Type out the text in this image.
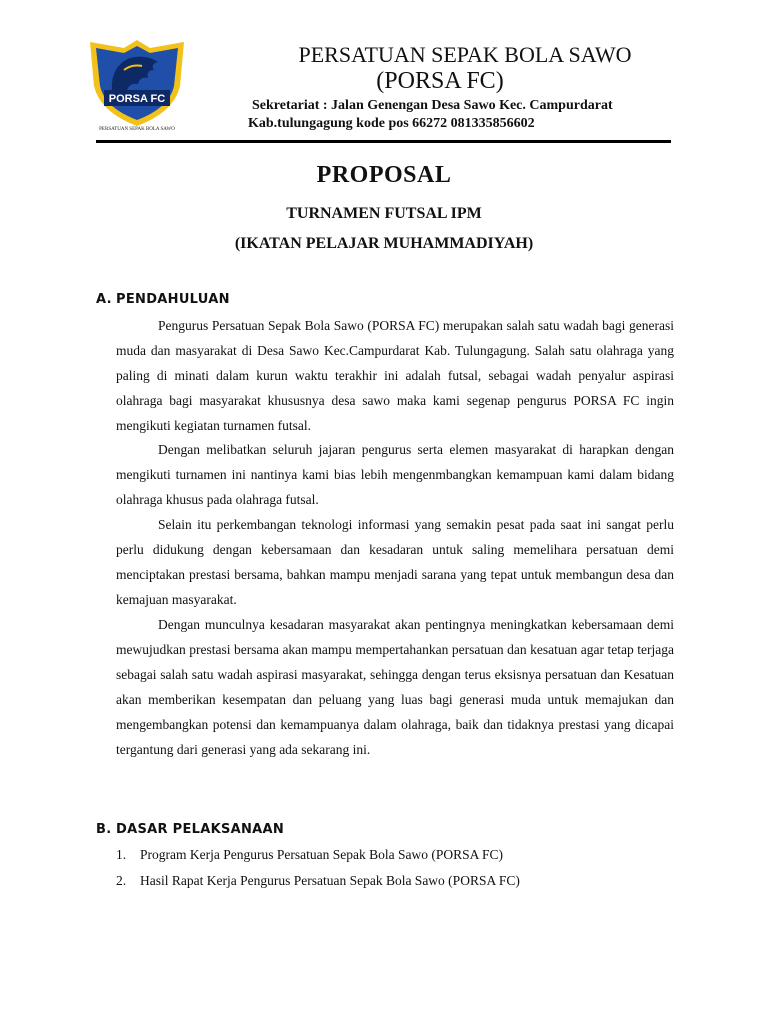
PORSA FC
PERSATUAN SEPAK BOLA SAWO
PERSATUAN SEPAK BOLA SAWO
(PORSA FC)
Sekretariat : Jalan Genengan Desa Sawo Kec. Campurdarat
Kab.tulungagung kode pos 66272 081335856602
PROPOSAL
TURNAMEN FUTSAL IPM
(IKATAN PELAJAR MUHAMMADIYAH)
A. PENDAHULUAN

Pengurus Persatuan Sepak Bola Sawo (PORSA FC) merupakan salah satu wadah bagi generasi muda dan masyarakat di Desa Sawo Kec.Campurdarat Kab. Tulungagung. Salah satu olahraga yang paling di minati dalam kurun waktu terakhir ini adalah futsal, sebagai wadah penyalur aspirasi olahraga bagi masyarakat khususnya desa sawo maka kami segenap pengurus PORSA FC ingin mengikuti kegiatan turnamen futsal.

Dengan melibatkan seluruh jajaran pengurus serta elemen masyarakat di harapkan dengan mengikuti turnamen ini nantinya kami bias lebih mengenmbangkan kemampuan kami dalam bidang olahraga khusus pada olahraga futsal.

Selain itu perkembangan teknologi informasi yang semakin pesat pada saat ini sangat perlu perlu didukung dengan kebersamaan dan kesadaran untuk saling memelihara persatuan demi menciptakan prestasi bersama, bahkan mampu menjadi sarana yang tepat untuk membangun desa dan kemajuan masyarakat.

Dengan munculnya kesadaran masyarakat akan pentingnya meningkatkan kebersamaan demi mewujudkan prestasi bersama akan mampu mempertahankan persatuan dan kesatuan agar tetap terjaga sebagai salah satu wadah aspirasi masyarakat, sehingga dengan terus eksisnya persatuan dan Kesatuan akan memberikan kesempatan dan peluang yang luas bagi generasi muda untuk memajukan dan mengembangkan potensi dan kemampuanya dalam olahraga, baik dan tidaknya prestasi yang dicapai tergantung dari generasi yang ada sekarang ini.

B. DASAR PELAKSANAAN
1. Program Kerja Pengurus Persatuan Sepak Bola Sawo (PORSA FC)
2. Hasil Rapat Kerja Pengurus Persatuan Sepak Bola Sawo (PORSA FC)
